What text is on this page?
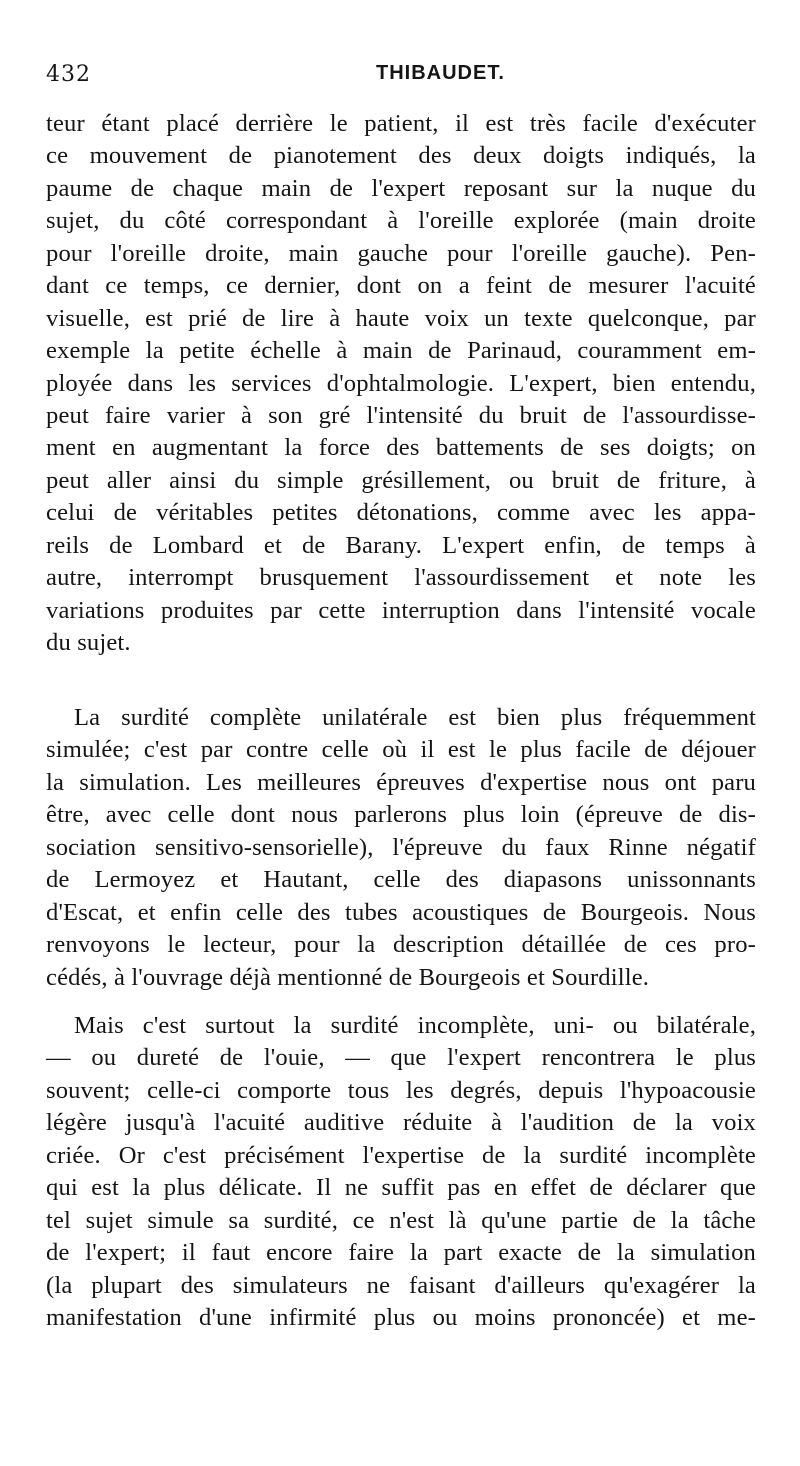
432	THIBAUDET.
teur étant placé derrière le patient, il est très facile d'exécuter
ce mouvement de pianotement des deux doigts indiqués, la
paume de chaque main de l'expert reposant sur la nuque du
sujet, du côté correspondant à l'oreille explorée (main droite
pour l'oreille droite, main gauche pour l'oreille gauche). Pen-
dant ce temps, ce dernier, dont on a feint de mesurer l'acuité
visuelle, est prié de lire à haute voix un texte quelconque, par
exemple la petite échelle à main de Parinaud, couramment em-
ployée dans les services d'ophtalmologie. L'expert, bien entendu,
peut faire varier à son gré l'intensité du bruit de l'assourdisse-
ment en augmentant la force des battements de ses doigts; on
peut aller ainsi du simple grésillement, ou bruit de friture, à
celui de véritables petites détonations, comme avec les appa-
reils de Lombard et de Barany. L'expert enfin, de temps à
autre, interrompt brusquement l'assourdissement et note les
variations produites par cette interruption dans l'intensité vocale
du sujet.
La surdité complète unilatérale est bien plus fréquemment
simulée; c'est par contre celle où il est le plus facile de déjouer
la simulation. Les meilleures épreuves d'expertise nous ont paru
être, avec celle dont nous parlerons plus loin (épreuve de dis-
sociation sensitivo-sensorielle), l'épreuve du faux Rinne négatif
de Lermoyez et Hautant, celle des diapasons unissonnants
d'Escat, et enfin celle des tubes acoustiques de Bourgeois. Nous
renvoyons le lecteur, pour la description détaillée de ces pro-
cédés, à l'ouvrage déjà mentionné de Bourgeois et Sourdille.
Mais c'est surtout la surdité incomplète, uni- ou bilatérale,
— ou dureté de l'ouie, — que l'expert rencontrera le plus
souvent; celle-ci comporte tous les degrés, depuis l'hypoacousie
légère jusqu'à l'acuité auditive réduite à l'audition de la voix
criée. Or c'est précisément l'expertise de la surdité incomplète
qui est la plus délicate. Il ne suffit pas en effet de déclarer que
tel sujet simule sa surdité, ce n'est là qu'une partie de la tâche
de l'expert; il faut encore faire la part exacte de la simulation
(la plupart des simulateurs ne faisant d'ailleurs qu'exagérer la
manifestation d'une infirmité plus ou moins prononcée) et me-
